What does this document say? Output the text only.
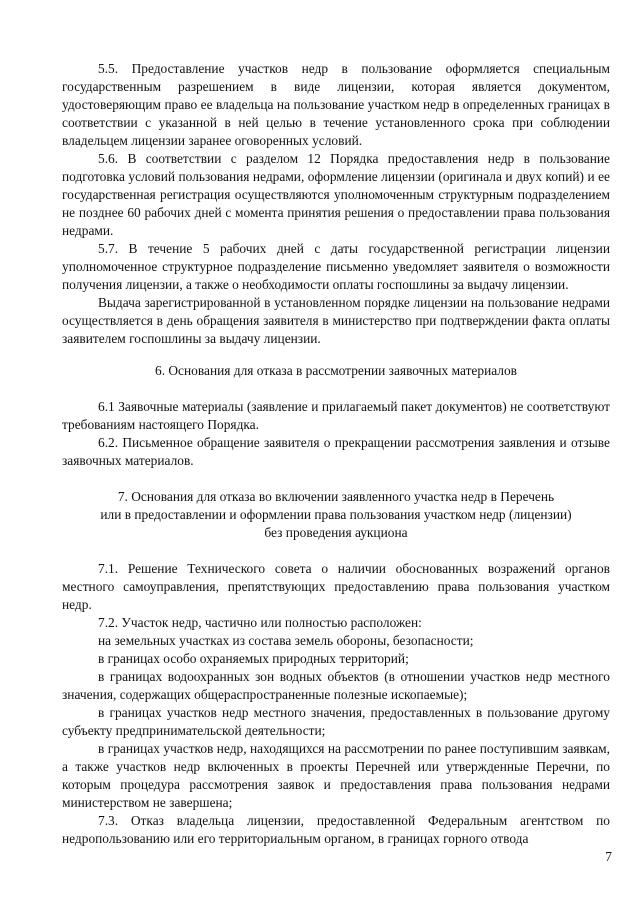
5.5. Предоставление участков недр в пользование оформляется специальным государственным разрешением в виде лицензии, которая является документом, удостоверяющим право ее владельца на пользование участком недр в определенных границах в соответствии с указанной в ней целью в течение установленного срока при соблюдении владельцем лицензии заранее оговоренных условий.

5.6. В соответствии с разделом 12 Порядка предоставления недр в пользование подготовка условий пользования недрами, оформление лицензии (оригинала и двух копий) и ее государственная регистрация осуществляются уполномоченным структурным подразделением не позднее 60 рабочих дней с момента принятия решения о предоставлении права пользования недрами.

5.7. В течение 5 рабочих дней с даты государственной регистрации лицензии уполномоченное структурное подразделение письменно уведомляет заявителя о возможности получения лицензии, а также о необходимости оплаты госпошлины за выдачу лицензии.

Выдача зарегистрированной в установленном порядке лицензии на пользование недрами осуществляется в день обращения заявителя в министерство при подтверждении факта оплаты заявителем госпошлины за выдачу лицензии.

6. Основания для отказа в рассмотрении заявочных материалов

6.1 Заявочные материалы (заявление и прилагаемый пакет документов) не соответствуют требованиям настоящего Порядка.

6.2. Письменное обращение заявителя о прекращении рассмотрения заявления и отзыве заявочных материалов.

7. Основания для отказа во включении заявленного участка недр в Перечень

или в предоставлении и оформлении права пользования участком недр (лицензии)

без проведения аукциона

7.1. Решение Технического совета о наличии обоснованных возражений органов местного самоуправления, препятствующих предоставлению права пользования участком недр.

7.2. Участок недр, частично или полностью расположен:

на земельных участках из состава земель обороны, безопасности;

в границах особо охраняемых природных территорий;

в границах водоохранных зон водных объектов (в отношении участков недр местного значения, содержащих общераспространенные полезные ископаемые);

в границах участков недр местного значения, предоставленных в пользование другому субъекту предпринимательской деятельности;

в границах участков недр, находящихся на рассмотрении по ранее поступившим заявкам, а также участков недр включенных в проекты Перечней или утвержденные Перечни, по которым процедура рассмотрения заявок и предоставления права пользования недрами министерством не завершена;

7.3. Отказ владельца лицензии, предоставленной Федеральным агентством по недропользованию или его территориальным органом, в границах горного отвода

7
